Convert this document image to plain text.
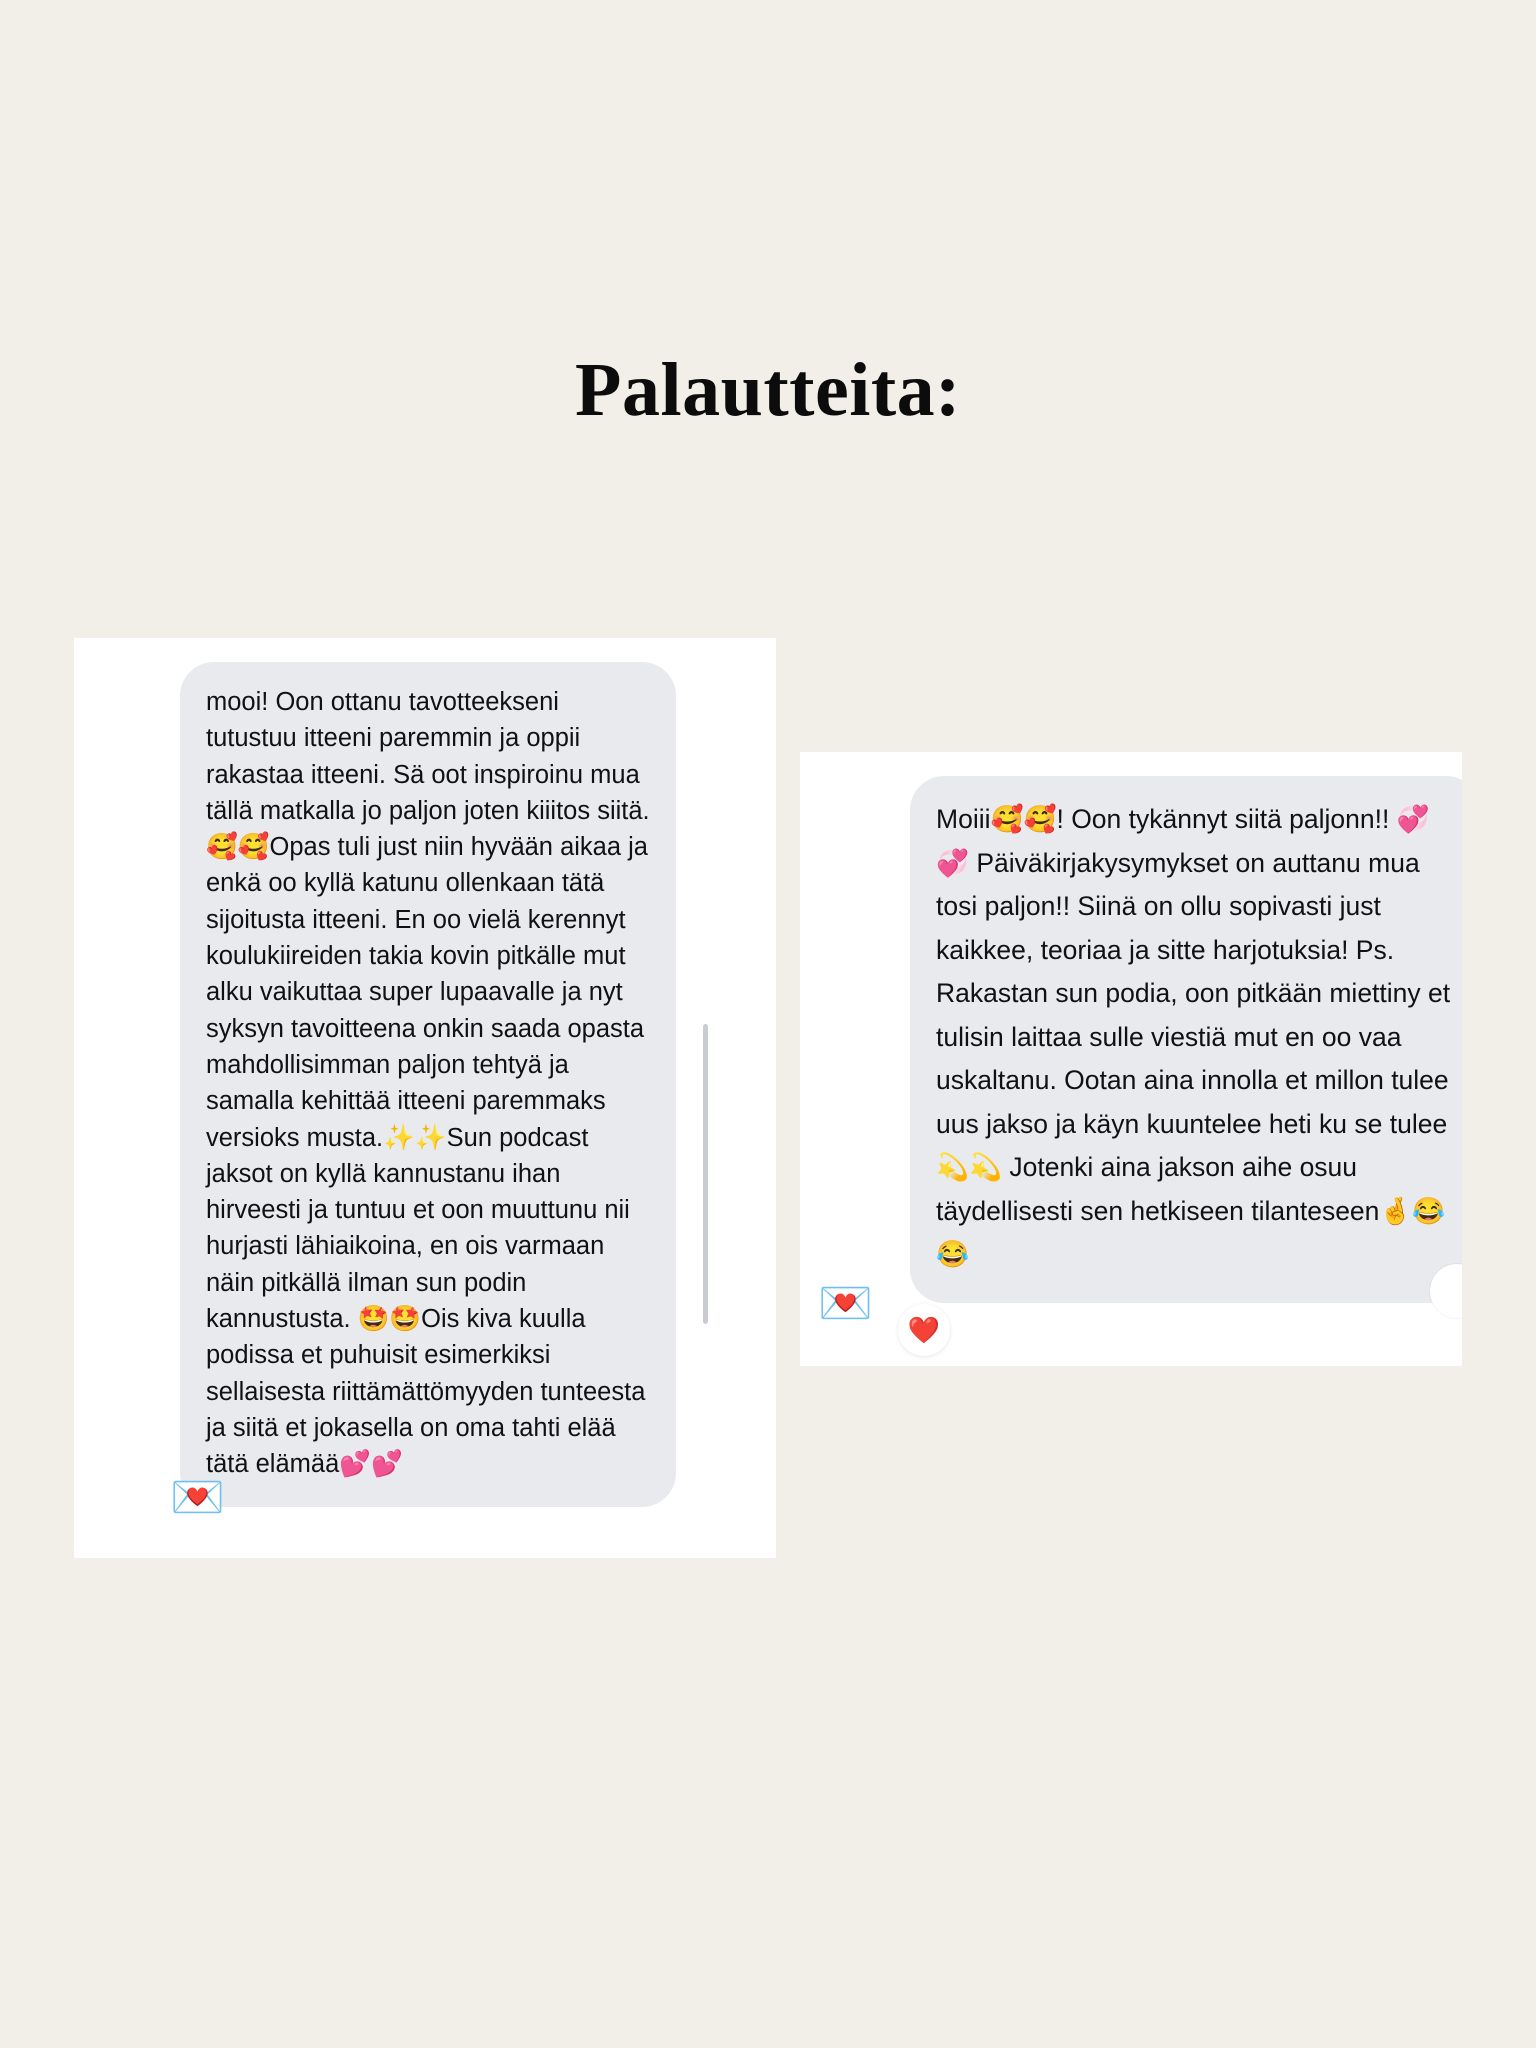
Palautteita:

mooi! Oon ottanu tavotteekseni tutustuu itteeni paremmin ja oppii rakastaa itteeni. Sä oot inspiroinu mua tällä matkalla jo paljon joten kiiitos siitä. 🥰🥰Opas tuli just niin hyvään aikaa ja enkä oo kyllä katunu ollenkaan tätä sijoitusta itteeni. En oo vielä kerennyt koulukiireiden takia kovin pitkälle mut alku vaikuttaa super lupaavalle ja nyt syksyn tavoitteena onkin saada opasta mahdollisimman paljon tehtyä ja samalla kehittää itteeni paremmaks versioks musta.✨✨Sun podcast jaksot on kyllä kannustanu ihan hirveesti ja tuntuu et oon muuttunu nii hurjasti lähiaikoina, en ois varmaan näin pitkällä ilman sun podin kannustusta. 🤩🤩Ois kiva kuulla podissa et puhuisit esimerkiksi sellaisesta riittämättömyyden tunteesta ja siitä et jokasella on oma tahti elää tätä elämää💕💕

💌

Moiii🥰🥰! Oon tykännyt siitä paljonn!! 💞💞 Päiväkirjakysymykset on auttanu mua tosi paljon!! Siinä on ollu sopivasti just kaikkee, teoriaa ja sitte harjotuksia! Ps. Rakastan sun podia, oon pitkään miettiny et tulisin laittaa sulle viestiä mut en oo vaa uskaltanu. Ootan aina innolla et millon tulee uus jakso ja käyn kuuntelee heti ku se tulee 💫💫 Jotenki aina jakson aihe osuu täydellisesti sen hetkiseen tilanteseen🤞😂😂

💌
❤️
